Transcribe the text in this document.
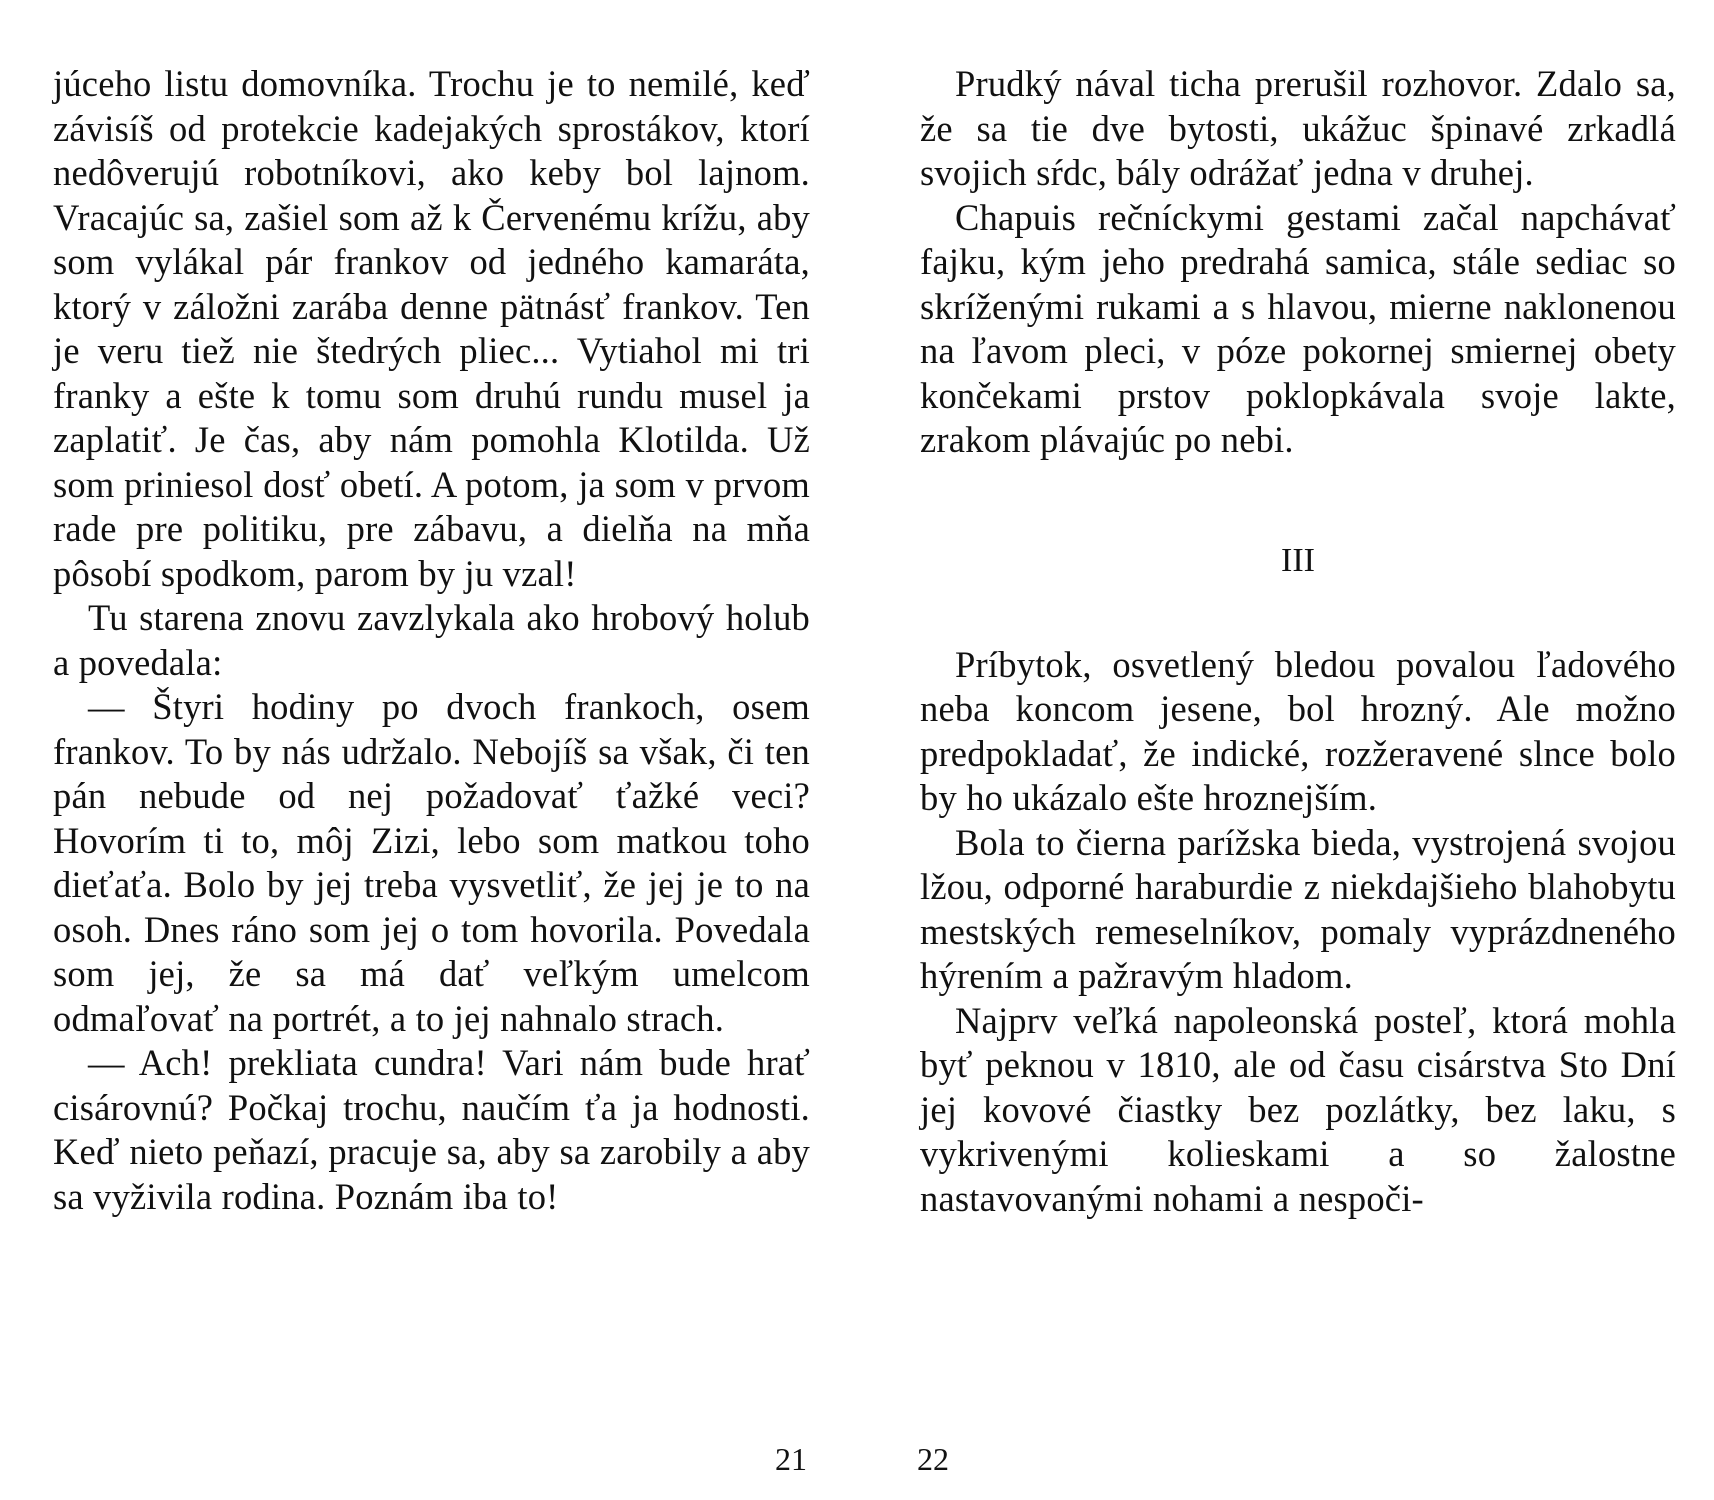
júceho listu domovníka. Trochu je to nemilé, keď závisíš od protekcie kadejakých sprostákov, ktorí nedôverujú robotníkovi, ako keby bol lajnom. Vracajúc sa, zašiel som až k Červenému krížu, aby som vylákal pár frankov od jedného kamaráta, ktorý v záložni zarába denne pätnásť frankov. Ten je veru tiež nie štedrých pliec... Vytiahol mi tri franky a ešte k tomu som druhú rundu musel ja zaplatiť. Je čas, aby nám pomohla Klotilda. Už som priniesol dosť obetí. A potom, ja som v prvom rade pre politiku, pre zábavu, a dielňa na mňa pôsobí spodkom, parom by ju vzal!

Tu starena znovu zavzlykala ako hrobový holub a povedala:

— Štyri hodiny po dvoch frankoch, osem frankov. To by nás udržalo. Nebojíš sa však, či ten pán nebude od nej požadovať ťažké veci? Hovorím ti to, môj Zizi, lebo som matkou toho dieťaťa. Bolo by jej treba vysvetliť, že jej je to na osoh. Dnes ráno som jej o tom hovorila. Povedala som jej, že sa má dať veľkým umelcom odmaľovať na portrét, a to jej nahnalo strach.

— Ach! prekliata cundra! Vari nám bude hrať cisárovnú? Počkaj trochu, naučím ťa ja hodnosti. Keď nieto peňazí, pracuje sa, aby sa zarobily a aby sa vyživila rodina. Poznám iba to!

21

Prudký nával ticha prerušil rozhovor. Zdalo sa, že sa tie dve bytosti, ukážuc špinavé zrkadlá svojich sŕdc, bály odrážať jedna v druhej.

Chapuis rečníckymi gestami začal napchávať fajku, kým jeho predrahá samica, stále sediac so skríženými rukami a s hlavou, mierne naklonenou na ľavom pleci, v póze pokornej smiernej obety končekami prstov poklopkávala svoje lakte, zrakom plávajúc po nebi.

III

Príbytok, osvetlený bledou povalou ľadového neba koncom jesene, bol hrozný. Ale možno predpokladať, že indické, rozžeravené slnce bolo by ho ukázalo ešte hroznejším.

Bola to čierna parížska bieda, vystrojená svojou lžou, odporné haraburdie z niekdajšieho blahobytu mestských remeselníkov, pomaly vyprázdneného hýrením a pažravým hladom.

Najprv veľká napoleonská posteľ, ktorá mohla byť peknou v 1810, ale od času cisárstva Sto Dní jej kovové čiastky bez pozlátky, bez laku, s vykrivenými kolieskami a so žalostne nastavovanými nohami a nespoči-

22
